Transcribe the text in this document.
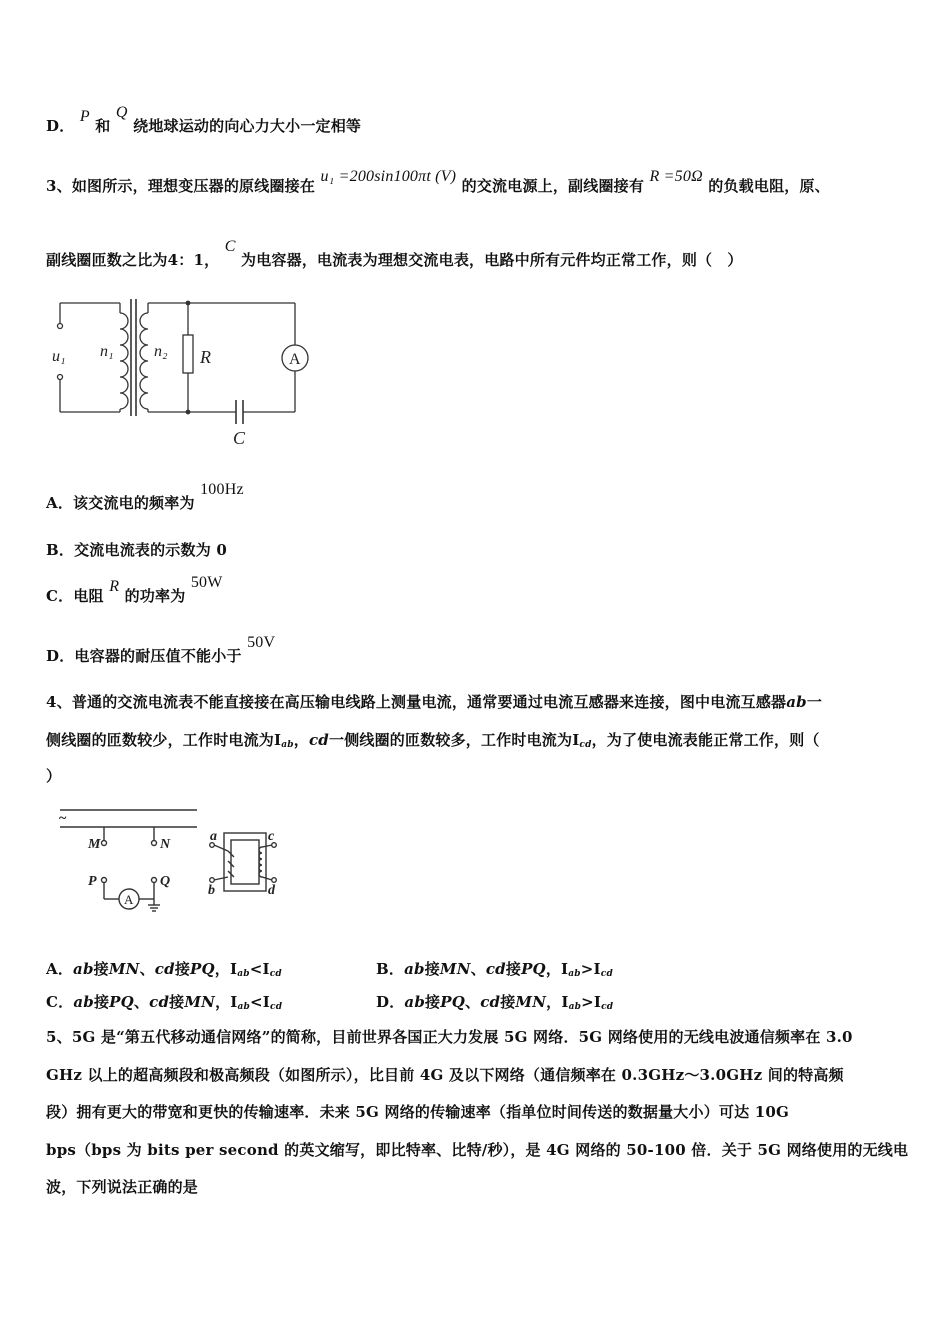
D． P 和 Q 绕地球运动的向心力大小一定相等
3、如图所示，理想变压器的原线圈接在 u₁ =200sin100πt (V) 的交流电源上，副线圈接有 R =50Ω 的负载电阻，原、
副线圈匝数之比为4：1， C 为电容器，电流表为理想交流电表，电路中所有元件均正常工作，则（　）
u₁ n₁	n₂ R
C
A
A．该交流电的频率为 100Hz
B．交流电流表的示数为 0
C．电阻 R 的功率为 50W
D．电容器的耐压值不能小于 50V
4、普通的交流电流表不能直接接在高压输电线路上测量电流，通常要通过电流互感器来连接，图中电流互感器ab一
侧线圈的匝数较少，工作时电流为$I_{ab}$，cd一侧线圈的匝数较多，工作时电流为$I_{cd}$，为了使电流表能正常工作，则（
）
~
M	N
P	Q
a
b
c
d
A
A．ab接MN、cd接PQ，$I_{ab}<I_{cd}$	B．ab接MN、cd接PQ，$I_{ab}>I_{cd}$
C．ab接PQ、cd接MN，$I_{ab}<I_{cd}$	D．ab接PQ、cd接MN，$I_{ab}>I_{cd}$
5、5G 是“第五代移动通信网络”的简称，目前世界各国正大力发展 5G 网络．5G 网络使用的无线电波通信频率在 3.0
GHz 以上的超高频段和极高频段（如图所示），比目前 4G 及以下网络（通信频率在 0.3GHz～3.0GHz 间的特高频
段）拥有更大的带宽和更快的传输速率．未来 5G 网络的传输速率（指单位时间传送的数据量大小）可达 10G
bps（bps 为 bits per second 的英文缩写，即比特率、比特/秒），是 4G 网络的 50-100 倍．关于 5G 网络使用的无线电
波，下列说法正确的是
